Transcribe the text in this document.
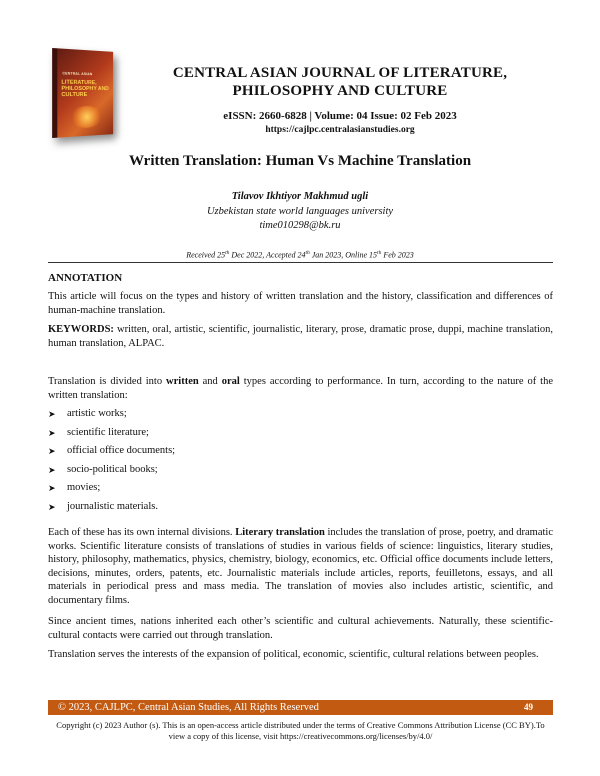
CENTRAL ASIAN
LITERATURE, PHILOSOPHY AND CULTURE
CENTRAL ASIAN JOURNAL OF LITERATURE, PHILOSOPHY AND CULTURE
eISSN: 2660-6828 | Volume: 04 Issue: 02 Feb 2023
https://cajlpc.centralasianstudies.org
Written Translation: Human Vs Machine Translation
Tilavov Ikhtiyor Makhmud ugli
Uzbekistan state world languages university
time010298@bk.ru
Received 25th Dec 2022, Accepted 24th Jan 2023, Online 15th Feb 2023
ANNOTATION
This article will focus on the types and history of written translation and the history, classification and differences of human-machine translation.
KEYWORDS: written, oral, artistic, scientific, journalistic, literary, prose, dramatic prose, duppi, machine translation, human translation, ALPAC.
Translation is divided into written and oral types according to performance. In turn, according to the nature of the written translation:
➤ artistic works;
➤ scientific literature;
➤ official office documents;
➤ socio-political books;
➤ movies;
➤ journalistic materials.
Each of these has its own internal divisions. Literary translation includes the translation of prose, poetry, and dramatic works. Scientific literature consists of translations of studies in various fields of science: linguistics, literary studies, history, philosophy, mathematics, physics, chemistry, biology, economics, etc. Official office documents include letters, decisions, minutes, orders, patents, etc. Journalistic materials include articles, reports, feuilletons, essays, and all materials in periodical press and mass media. The translation of movies also includes artistic, scientific, and documentary films.
Since ancient times, nations inherited each other’s scientific and cultural achievements. Naturally, these scientific-cultural contacts were carried out through translation.
Translation serves the interests of the expansion of political, economic, scientific, cultural relations between peoples.
© 2023, CAJLPC, Central Asian Studies, All Rights Reserved	49
Copyright (c) 2023 Author (s). This is an open-access article distributed under the terms of Creative Commons Attribution License (CC BY).To view a copy of this license, visit https://creativecommons.org/licenses/by/4.0/
